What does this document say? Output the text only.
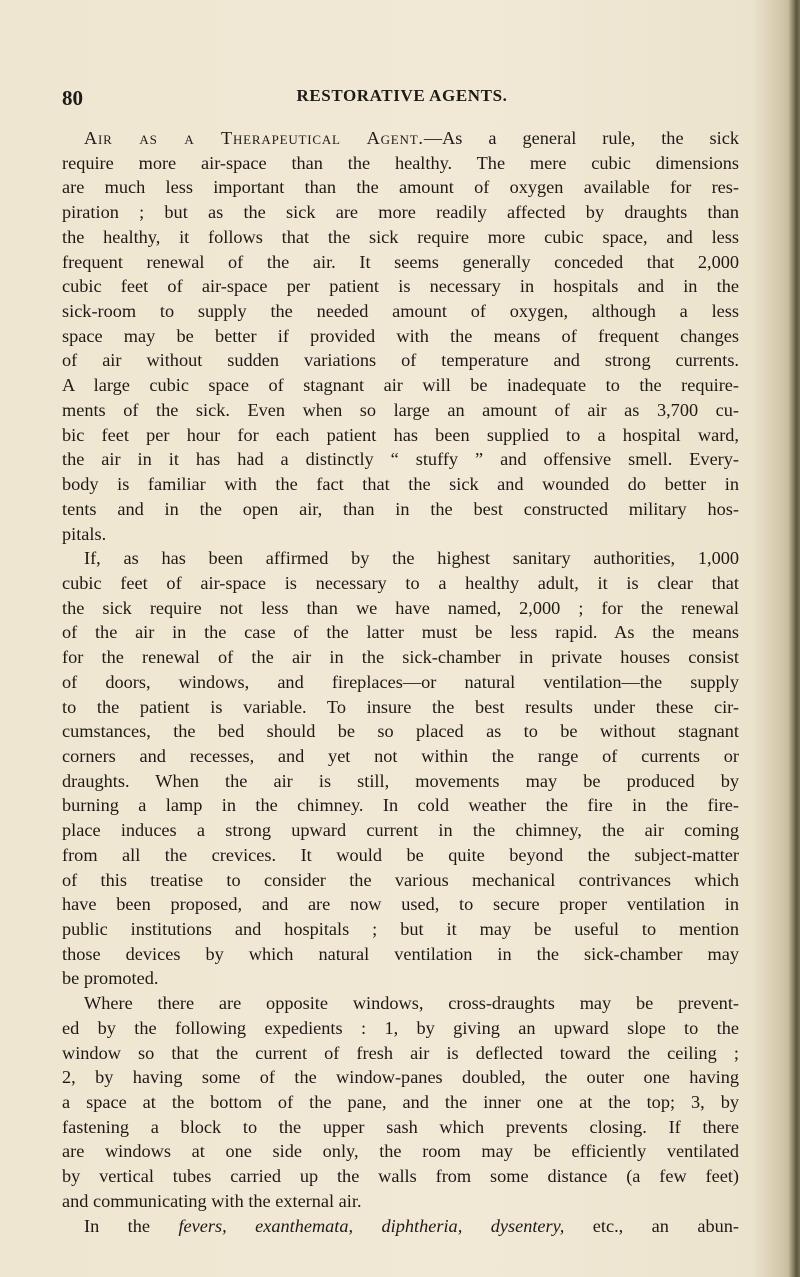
80	RESTORATIVE AGENTS.
Air as a Therapeutical Agent.—As a general rule, the sick
require more air-space than the healthy. The mere cubic dimensions
are much less important than the amount of oxygen available for res-
piration ; but as the sick are more readily affected by draughts than
the healthy, it follows that the sick require more cubic space, and less
frequent renewal of the air. It seems generally conceded that 2,000
cubic feet of air-space per patient is necessary in hospitals and in the
sick-room to supply the needed amount of oxygen, although a less
space may be better if provided with the means of frequent changes
of air without sudden variations of temperature and strong currents.
A large cubic space of stagnant air will be inadequate to the require-
ments of the sick. Even when so large an amount of air as 3,700 cu-
bic feet per hour for each patient has been supplied to a hospital ward,
the air in it has had a distinctly “ stuffy ” and offensive smell. Every-
body is familiar with the fact that the sick and wounded do better in
tents and in the open air, than in the best constructed military hos-
pitals.
If, as has been affirmed by the highest sanitary authorities, 1,000
cubic feet of air-space is necessary to a healthy adult, it is clear that
the sick require not less than we have named, 2,000 ; for the renewal
of the air in the case of the latter must be less rapid. As the means
for the renewal of the air in the sick-chamber in private houses consist
of doors, windows, and fireplaces—or natural ventilation—the supply
to the patient is variable. To insure the best results under these cir-
cumstances, the bed should be so placed as to be without stagnant
corners and recesses, and yet not within the range of currents or
draughts. When the air is still, movements may be produced by
burning a lamp in the chimney. In cold weather the fire in the fire-
place induces a strong upward current in the chimney, the air coming
from all the crevices. It would be quite beyond the subject-matter
of this treatise to consider the various mechanical contrivances which
have been proposed, and are now used, to secure proper ventilation in
public institutions and hospitals ; but it may be useful to mention
those devices by which natural ventilation in the sick-chamber may
be promoted.
Where there are opposite windows, cross-draughts may be prevent-
ed by the following expedients : 1, by giving an upward slope to the
window so that the current of fresh air is deflected toward the ceiling ;
2, by having some of the window-panes doubled, the outer one having
a space at the bottom of the pane, and the inner one at the top; 3, by
fastening a block to the upper sash which prevents closing. If there
are windows at one side only, the room may be efficiently ventilated
by vertical tubes carried up the walls from some distance (a few feet)
and communicating with the external air.
In the fevers, exanthemata, diphtheria, dysentery, etc., an abun-
